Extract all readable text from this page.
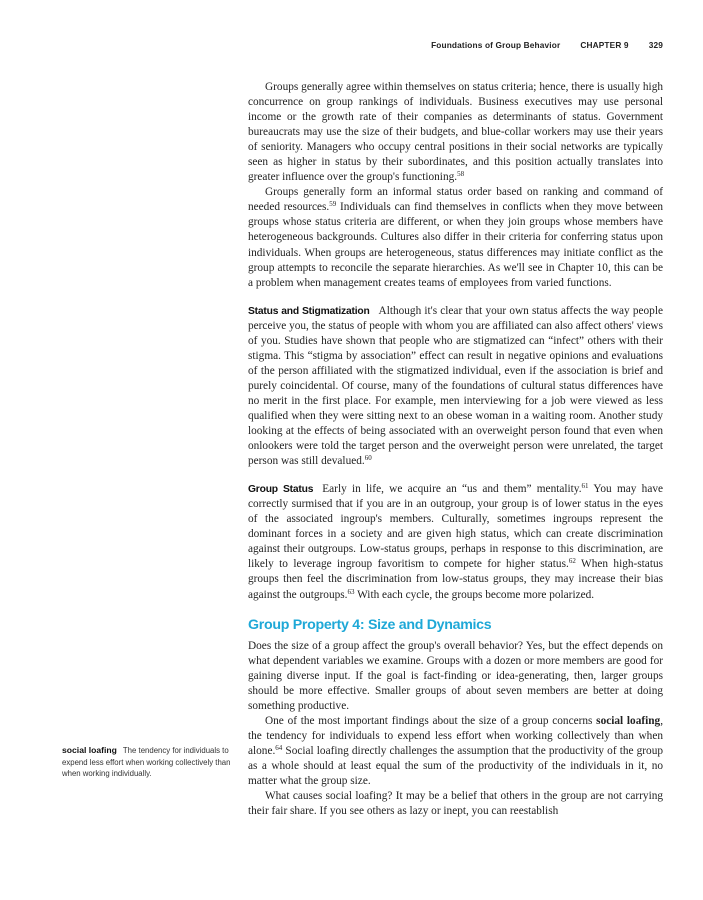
Foundations of Group Behavior CHAPTER 9 329

Groups generally agree within themselves on status criteria; hence, there is usually high concurrence on group rankings of individuals. Business executives may use personal income or the growth rate of their companies as determinants of status. Government bureaucrats may use the size of their budgets, and blue-collar workers may use their years of seniority. Managers who occupy central positions in their social networks are typically seen as higher in status by their subordinates, and this position actually translates into greater influence over the group's functioning.$^{58}$

Groups generally form an informal status order based on ranking and command of needed resources.$^{59}$ Individuals can find themselves in conflicts when they move between groups whose status criteria are different, or when they join groups whose members have heterogeneous backgrounds. Cultures also differ in their criteria for conferring status upon individuals. When groups are heterogeneous, status differences may initiate conflict as the group attempts to reconcile the separate hierarchies. As we'll see in Chapter 10, this can be a problem when management creates teams of employees from varied functions.

Status and Stigmatization Although it's clear that your own status affects the way people perceive you, the status of people with whom you are affiliated can also affect others' views of you. Studies have shown that people who are stigmatized can “infect” others with their stigma. This “stigma by association” effect can result in negative opinions and evaluations of the person affiliated with the stigmatized individual, even if the association is brief and purely coincidental. Of course, many of the foundations of cultural status differences have no merit in the first place. For example, men interviewing for a job were viewed as less qualified when they were sitting next to an obese woman in a waiting room. Another study looking at the effects of being associated with an overweight person found that even when onlookers were told the target person and the overweight person were unrelated, the target person was still devalued.$^{60}$

Group Status Early in life, we acquire an “us and them” mentality.$^{61}$ You may have correctly surmised that if you are in an outgroup, your group is of lower status in the eyes of the associated ingroup's members. Culturally, sometimes ingroups represent the dominant forces in a society and are given high status, which can create discrimination against their outgroups. Low-status groups, perhaps in response to this discrimination, are likely to leverage ingroup favoritism to compete for higher status.$^{62}$ When high-status groups then feel the discrimination from low-status groups, they may increase their bias against the outgroups.$^{63}$ With each cycle, the groups become more polarized.

Group Property 4: Size and Dynamics

Does the size of a group affect the group's overall behavior? Yes, but the effect depends on what dependent variables we examine. Groups with a dozen or more members are good for gaining diverse input. If the goal is fact-finding or idea-generating, then, larger groups should be more effective. Smaller groups of about seven members are better at doing something productive.

One of the most important findings about the size of a group concerns social loafing, the tendency for individuals to expend less effort when working collectively than when alone.$^{64}$ Social loafing directly challenges the assumption that the productivity of the group as a whole should at least equal the sum of the productivity of the individuals in it, no matter what the group size.

What causes social loafing? It may be a belief that others in the group are not carrying their fair share. If you see others as lazy or inept, you can reestablish

social loafing The tendency for individuals to expend less effort when working collectively than when working individually.
